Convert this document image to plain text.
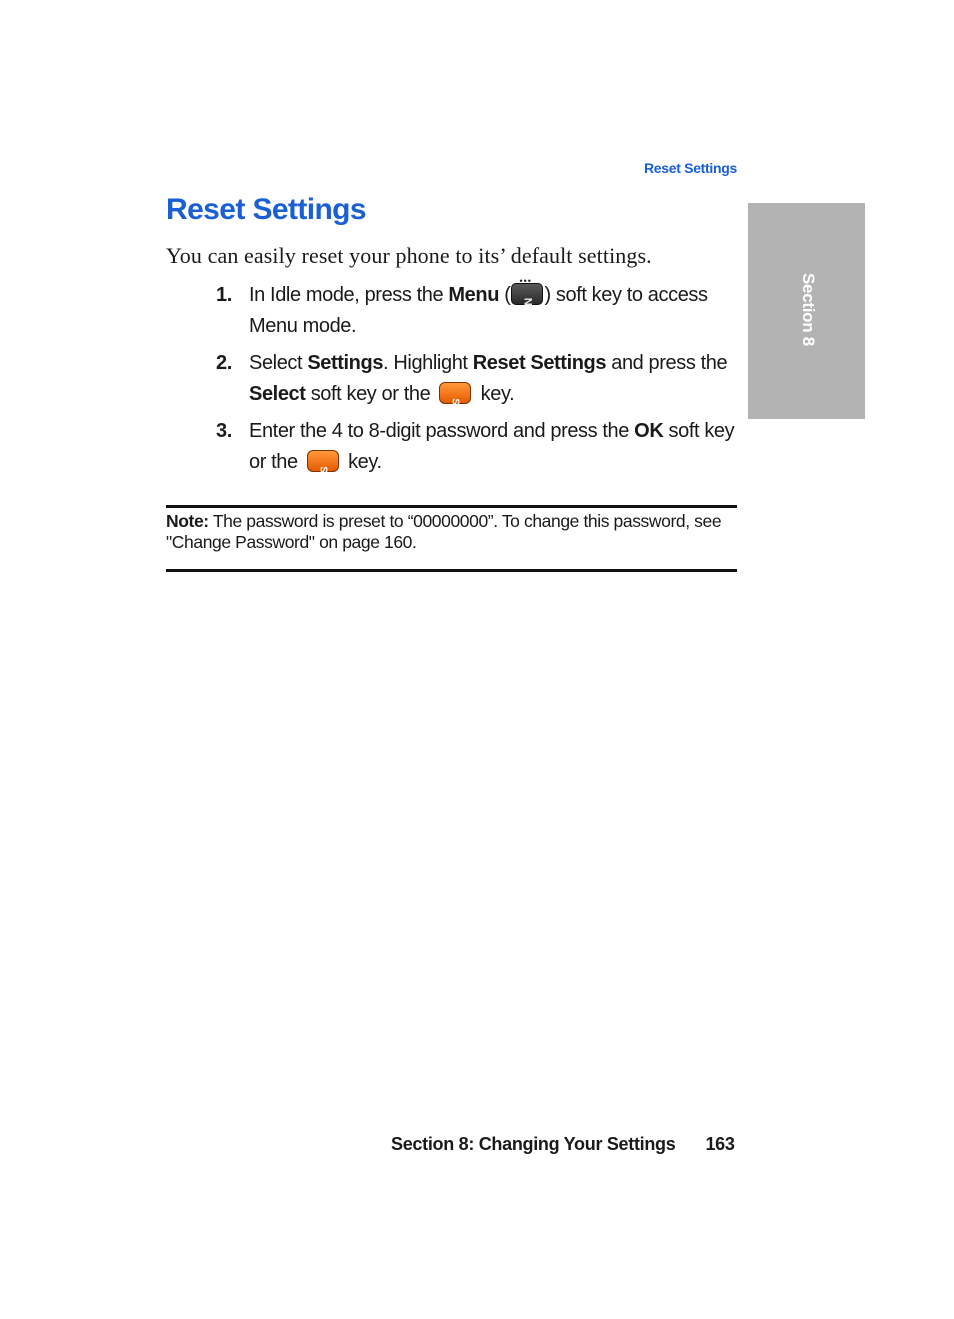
Reset Settings
Section 8
Reset Settings

You can easily reset your phone to its’ default settings.

1. In Idle mode, press the Menu (
•••
N ) soft key to access Menu mode.
2. Select Settings. Highlight Reset Settings and press the Select soft key or the	S key.
3. Enter the 4 to 8-digit password and press the OK soft key or the	S key.

Note: The password is preset to “00000000”. To change this password, see "Change Password" on page 160.

Section 8: Changing Your Settings 163
